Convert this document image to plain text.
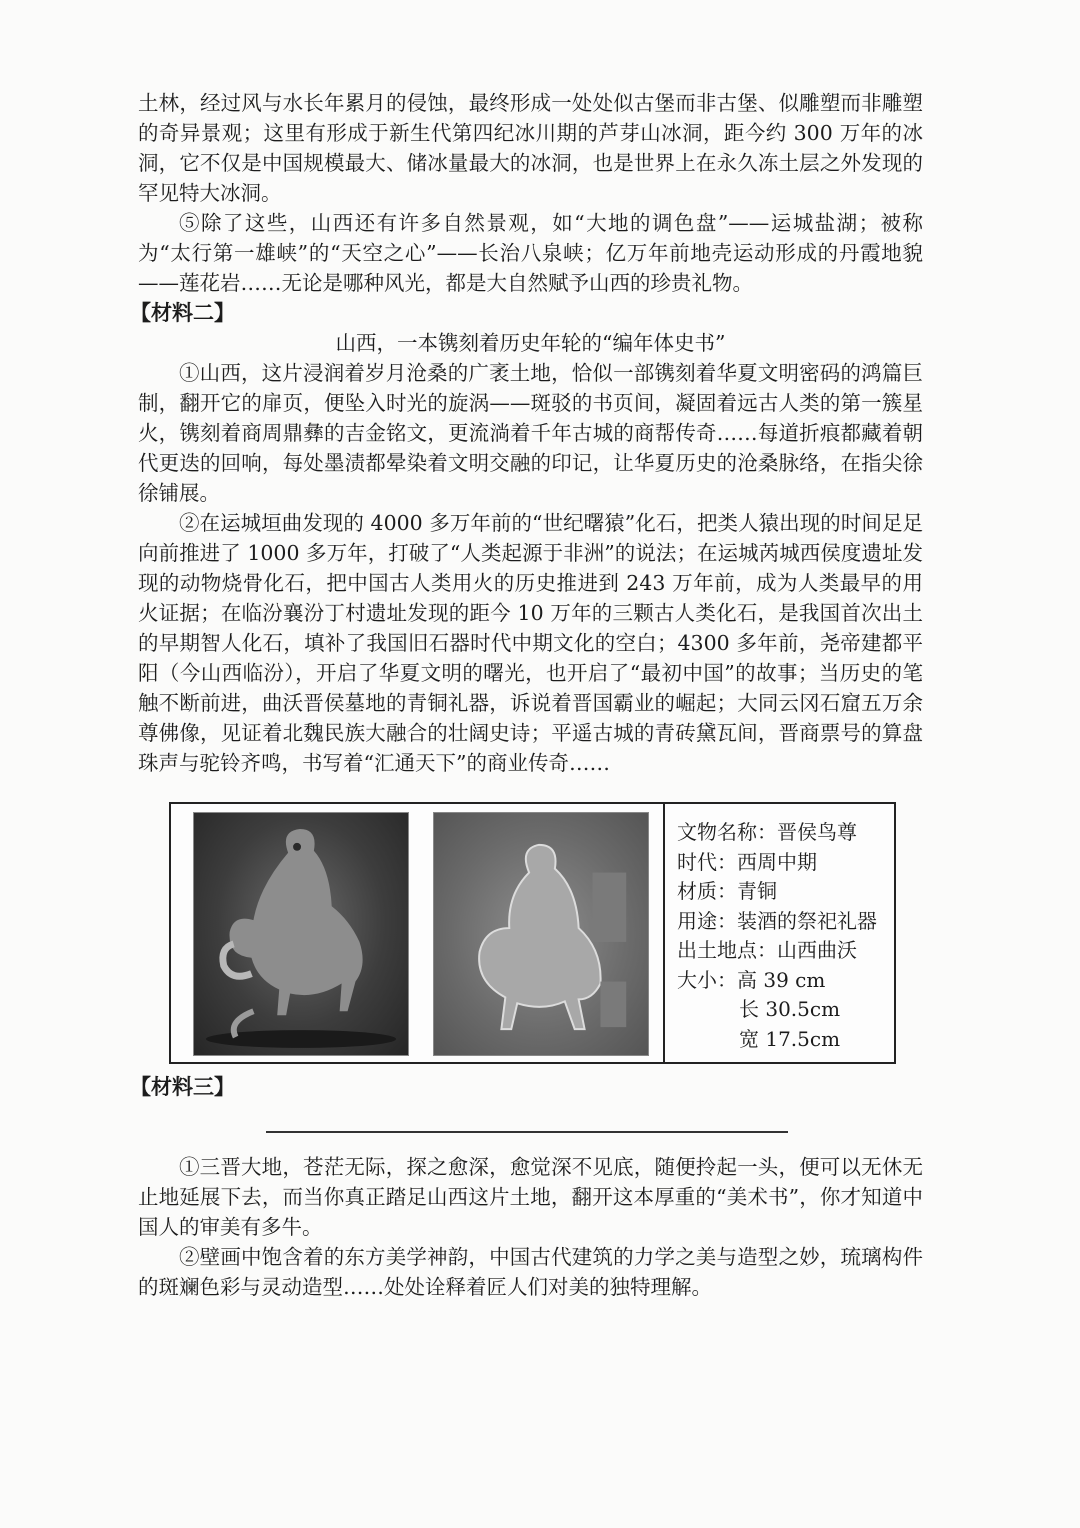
土林，经过风与水长年累月的侵蚀，最终形成一处处似古堡而非古堡、似雕塑而非雕塑的奇异景观；这里有形成于新生代第四纪冰川期的芦芽山冰洞，距今约 300 万年的冰洞，它不仅是中国规模最大、储冰量最大的冰洞，也是世界上在永久冻土层之外发现的罕见特大冰洞。

⑤除了这些，山西还有许多自然景观，如“大地的调色盘”——运城盐湖；被称为“太行第一雄峡”的“天空之心”——长治八泉峡；亿万年前地壳运动形成的丹霞地貌——莲花岩……无论是哪种风光，都是大自然赋予山西的珍贵礼物。

【材料二】
山西，一本镌刻着历史年轮的“编年体史书”

①山西，这片浸润着岁月沧桑的广袤土地，恰似一部镌刻着华夏文明密码的鸿篇巨制，翻开它的扉页，便坠入时光的旋涡——斑驳的书页间，凝固着远古人类的第一簇星火，镌刻着商周鼎彝的吉金铭文，更流淌着千年古城的商帮传奇……每道折痕都藏着朝代更迭的回响，每处墨渍都晕染着文明交融的印记，让华夏历史的沧桑脉络，在指尖徐徐铺展。

②在运城垣曲发现的 4000 多万年前的“世纪曙猿”化石，把类人猿出现的时间足足向前推进了 1000 多万年，打破了“人类起源于非洲”的说法；在运城芮城西侯度遗址发现的动物烧骨化石，把中国古人类用火的历史推进到 243 万年前，成为人类最早的用火证据；在临汾襄汾丁村遗址发现的距今 10 万年的三颗古人类化石，是我国首次出土的早期智人化石，填补了我国旧石器时代中期文化的空白；4300 多年前，尧帝建都平阳（今山西临汾），开启了华夏文明的曙光，也开启了“最初中国”的故事；当历史的笔触不断前进，曲沃晋侯墓地的青铜礼器，诉说着晋国霸业的崛起；大同云冈石窟五万余尊佛像，见证着北魏民族大融合的壮阔史诗；平遥古城的青砖黛瓦间，晋商票号的算盘珠声与驼铃齐鸣，书写着“汇通天下”的商业传奇……

文物名称：晋侯鸟尊
时代：西周中期
材质：青铜
用途：装酒的祭祀礼器
出土地点：山西曲沃
大小：高 39 cm
长 30.5cm
宽 17.5cm
【材料三】

①三晋大地，苍茫无际，探之愈深，愈觉深不见底，随便拎起一头，便可以无休无止地延展下去，而当你真正踏足山西这片土地，翻开这本厚重的“美术书”，你才知道中国人的审美有多牛。

②壁画中饱含着的东方美学神韵，中国古代建筑的力学之美与造型之妙，琉璃构件的斑斓色彩与灵动造型……处处诠释着匠人们对美的独特理解。
